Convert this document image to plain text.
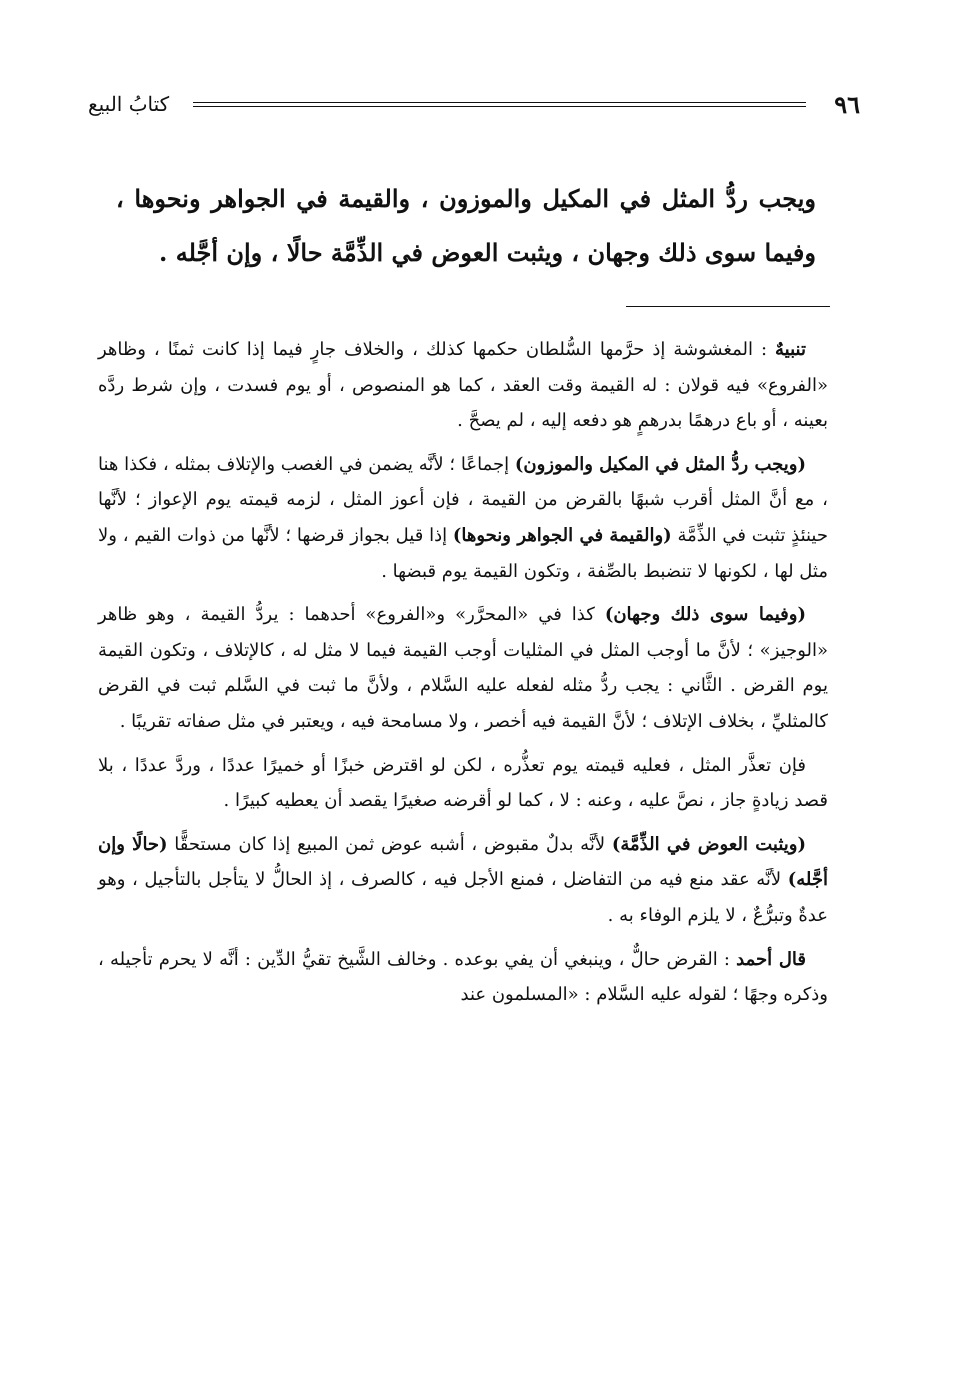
٩٦
كتابُ البيع
ويجب ردُّ المثل في المكيل والموزون ، والقيمة في الجواهر ونحوها ، وفيما سوى ذلك وجهان ، ويثبت العوض في الذِّمَّة حالًا ، وإن أجَّله .

تنبيهٌ : المغشوشة إذ حرَّمها السُّلطان حكمها كذلك ، والخلاف جارٍ فيما إذا كانت ثمنًا ، وظاهر «الفروع» فيه قولان : له القيمة وقت العقد ، كما هو المنصوص ، أو يوم فسدت ، وإن شرط ردَّه بعينه ، أو باع درهمًا بدرهمٍ هو دفعه إليه ، لم يصحَّ .

(ويجب ردُّ المثل في المكيل والموزون) إجماعًا ؛ لأنَّه يضمن في الغصب والإتلاف بمثله ، فكذا هنا ، مع أنَّ المثل أقرب شبهًا بالقرض من القيمة ، فإن أعوز المثل ، لزمه قيمته يوم الإعواز ؛ لأنَّها حينئذٍ تثبت في الذِّمَّة (والقيمة في الجواهر ونحوها) إذا قيل بجواز قرضها ؛ لأنَّها من ذوات القيم ، ولا مثل لها ، لكونها لا تنضبط بالصِّفة ، وتكون القيمة يوم قبضها .

(وفيما سوى ذلك وجهان) كذا في «المحرَّر» و«الفروع» أحدهما : يردُّ القيمة ، وهو ظاهر «الوجيز» ؛ لأنَّ ما أوجب المثل في المثليات أوجب القيمة فيما لا مثل له ، كالإتلاف ، وتكون القيمة يوم القرض . الثَّاني : يجب ردُّ مثله لفعله عليه السَّلام ، ولأنَّ ما ثبت في السَّلم ثبت في القرض كالمثليِّ ، بخلاف الإتلاف ؛ لأنَّ القيمة فيه أخصر ، ولا مسامحة فيه ، ويعتبر في مثل صفاته تقريبًا .

فإن تعذَّر المثل ، فعليه قيمته يوم تعذُّره ، لكن لو اقترض خبزًا أو خميرًا عددًا ، وردَّ عددًا ، بلا قصد زيادةٍ جاز ، نصَّ عليه ، وعنه : لا ، كما لو أقرضه صغيرًا يقصد أن يعطيه كبيرًا .

(ويثبت العوض في الذِّمَّة) لأنَّه بدلٌ مقبوض ، أشبه عوض ثمن المبيع إذا كان مستحقًّا (حالًا وإن أجَّله) لأنَّه عقد منع فيه من التفاضل ، فمنع الأجل فيه ، كالصرف ، إذ الحالُّ لا يتأجل بالتأجيل ، وهو عدةٌ وتبرُّعٌ ، لا يلزم الوفاء به .

قال أحمد : القرض حالٌّ ، وينبغي أن يفي بوعده . وخالف الشَّيخ تقيُّ الدِّين : أنَّه لا يحرم تأجيله ، وذكره وجهًا ؛ لقوله عليه السَّلام : «المسلمون عند
